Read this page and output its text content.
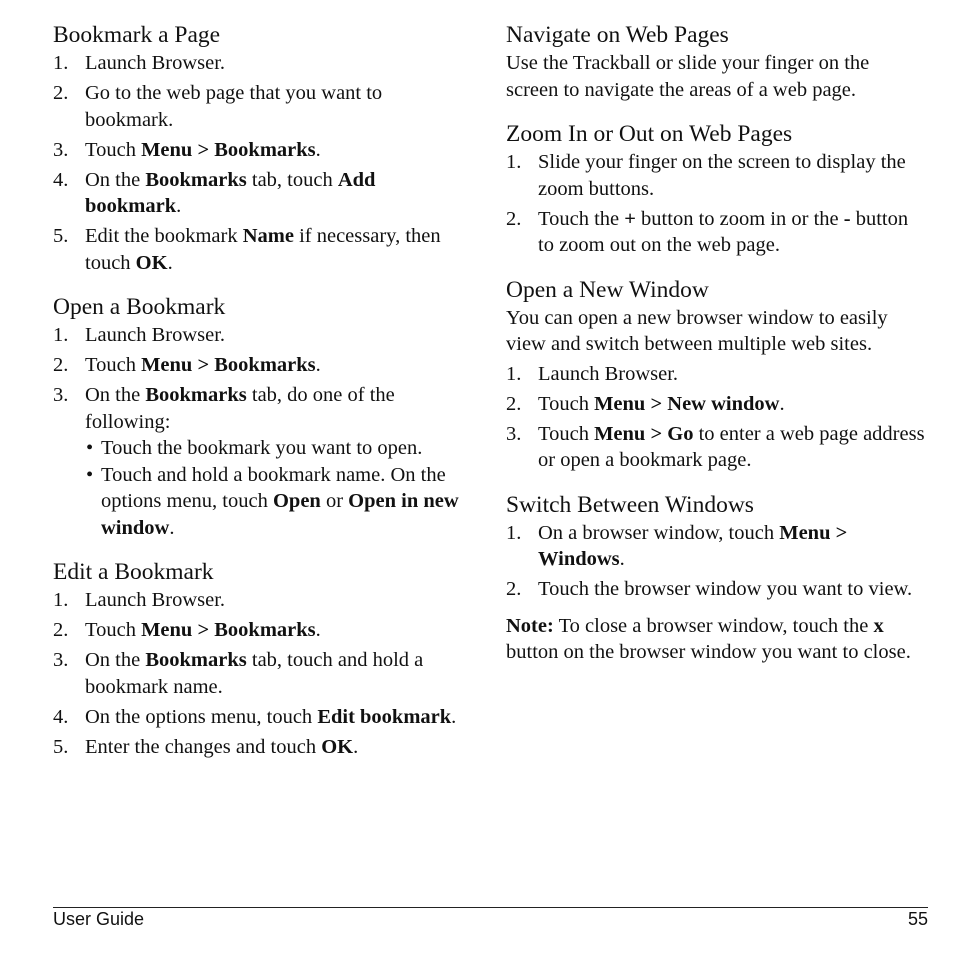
Bookmark a Page
1. Launch Browser.
2. Go to the web page that you want to bookmark.
3. Touch Menu > Bookmarks.
4. On the Bookmarks tab, touch Add bookmark.
5. Edit the bookmark Name if necessary, then touch OK.
Open a Bookmark
1. Launch Browser.
2. Touch Menu > Bookmarks.
3. On the Bookmarks tab, do one of the following:
• Touch the bookmark you want to open.
• Touch and hold a bookmark name. On the options menu, touch Open or Open in new window.
Edit a Bookmark
1. Launch Browser.
2. Touch Menu > Bookmarks.
3. On the Bookmarks tab, touch and hold a bookmark name.
4. On the options menu, touch Edit bookmark.
5. Enter the changes and touch OK.
Navigate on Web Pages

Use the Trackball or slide your finger on the screen to navigate the areas of a web page.

Zoom In or Out on Web Pages
1. Slide your finger on the screen to display the zoom buttons.
2. Touch the + button to zoom in or the - button to zoom out on the web page.
Open a New Window

You can open a new browser window to easily view and switch between multiple web sites.

1. Launch Browser.
2. Touch Menu > New window.
3. Touch Menu > Go to enter a web page address or open a bookmark page.
Switch Between Windows
1. On a browser window, touch Menu > Windows.
2. Touch the browser window you want to view.

Note: To close a browser window, touch the x button on the browser window you want to close.

User Guide	55
